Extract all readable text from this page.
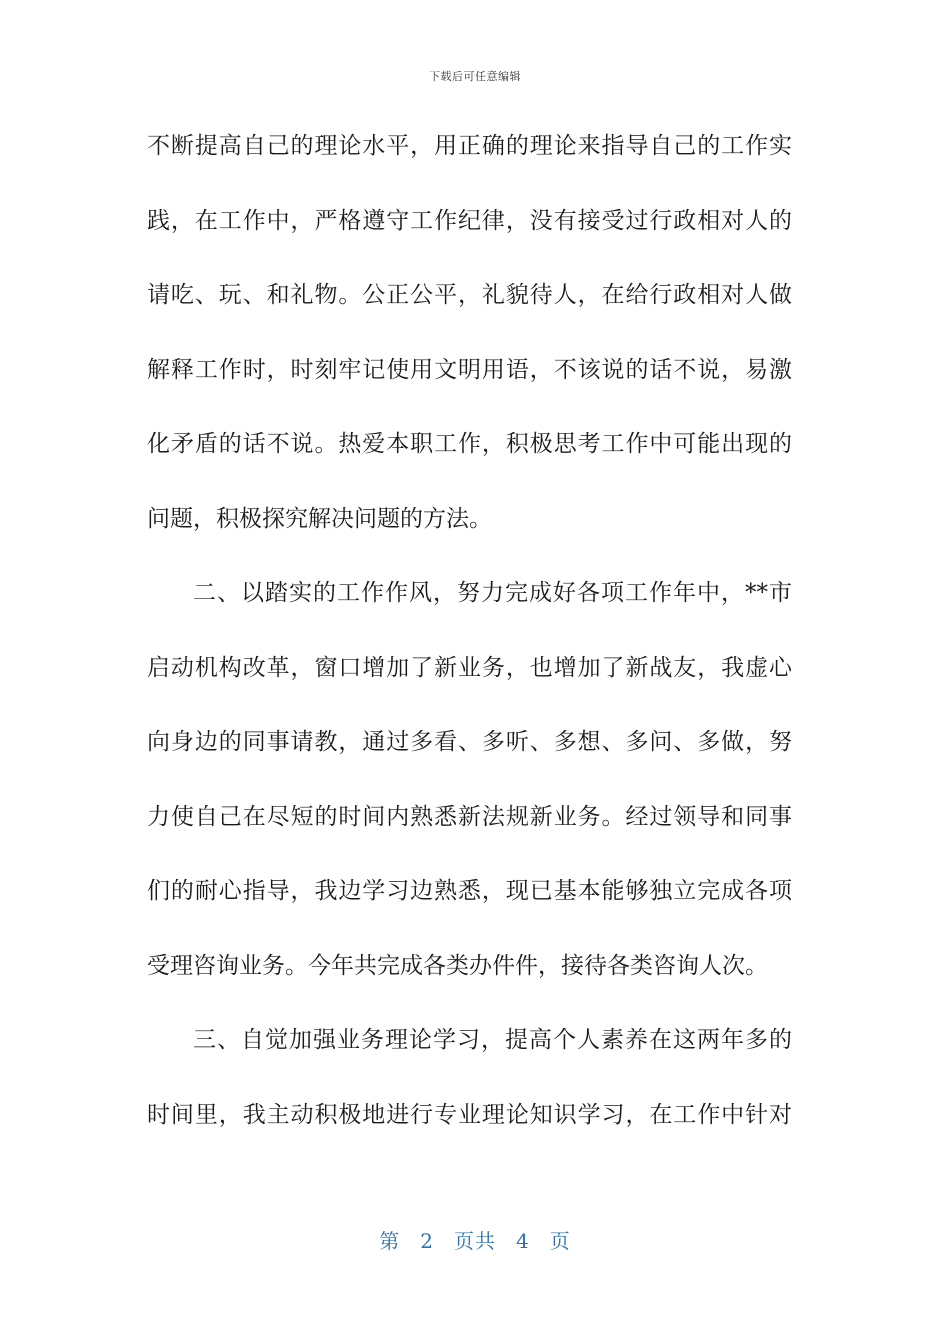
下载后可任意编辑
不断提高自己的理论水平，用正确的理论来指导自己的工作实
践，在工作中，严格遵守工作纪律，没有接受过行政相对人的
请吃、玩、和礼物。公正公平，礼貌待人，在给行政相对人做
解释工作时，时刻牢记使用文明用语，不该说的话不说，易激
化矛盾的话不说。热爱本职工作，积极思考工作中可能出现的
问题，积极探究解决问题的方法。
二、以踏实的工作作风，努力完成好各项工作年中，**市
启动机构改革，窗口增加了新业务，也增加了新战友，我虚心
向身边的同事请教，通过多看、多听、多想、多问、多做，努
力使自己在尽短的时间内熟悉新法规新业务。经过领导和同事
们的耐心指导，我边学习边熟悉，现已基本能够独立完成各项
受理咨询业务。今年共完成各类办件件，接待各类咨询人次。
三、自觉加强业务理论学习，提高个人素养在这两年多的
时间里，我主动积极地进行专业理论知识学习，在工作中针对
第 2 页共 4 页
